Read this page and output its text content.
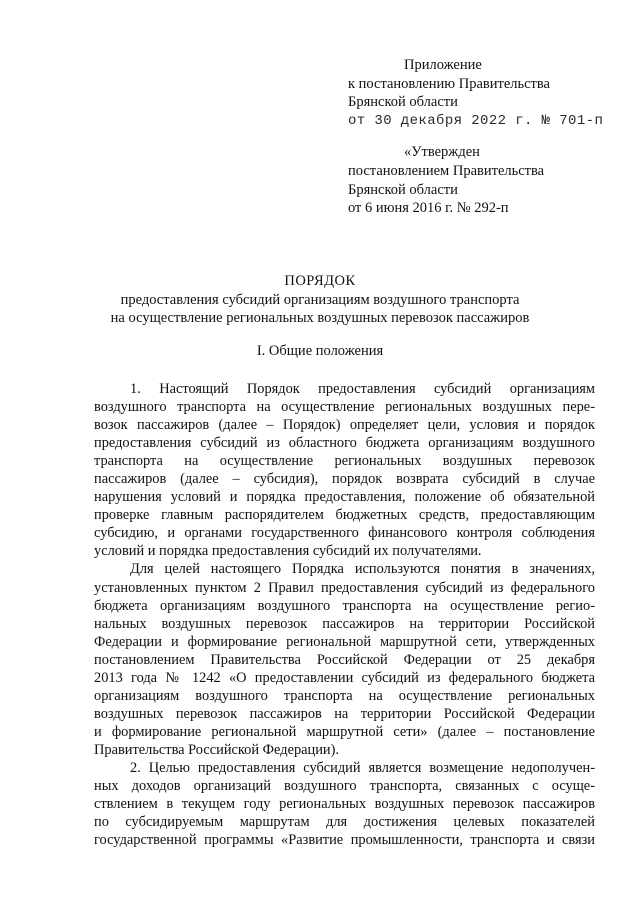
Приложение
к постановлению Правительства
Брянской области
от 30 декабря 2022 г. № 701-п
«Утвержден
постановлением Правительства
Брянской области
от 6 июня 2016 г. № 292-п
ПОРЯДОК
предоставления субсидий организациям воздушного транспорта
на осуществление региональных воздушных перевозок пассажиров
I. Общие положения
1. Настоящий Порядок предоставления субсидий организациям
воздушного транспорта на осуществление региональных воздушных пере-
возок пассажиров (далее – Порядок) определяет цели, условия и порядок
предоставления субсидий из областного бюджета организациям воздушного
транспорта на осуществление региональных воздушных перевозок
пассажиров (далее – субсидия), порядок возврата субсидий в случае
нарушения условий и порядка предоставления, положение об обязательной
проверке главным распорядителем бюджетных средств, предоставляющим
субсидию, и органами государственного финансового контроля соблюдения
условий и порядка предоставления субсидий их получателями.
Для целей настоящего Порядка используются понятия в значениях,
установленных пунктом 2 Правил предоставления субсидий из федерального
бюджета организациям воздушного транспорта на осуществление регио-
нальных воздушных перевозок пассажиров на территории Российской
Федерации и формирование региональной маршрутной сети, утвержденных
постановлением Правительства Российской Федерации от 25 декабря
2013 года № 1242 «О предоставлении субсидий из федерального бюджета
организациям воздушного транспорта на осуществление региональных
воздушных перевозок пассажиров на территории Российской Федерации
и формирование региональной маршрутной сети» (далее – постановление
Правительства Российской Федерации).
2. Целью предоставления субсидий является возмещение недополучен-
ных доходов организаций воздушного транспорта, связанных с осуще-
ствлением в текущем году региональных воздушных перевозок пассажиров
по субсидируемым маршрутам для достижения целевых показателей
государственной программы «Развитие промышленности, транспорта и связи
